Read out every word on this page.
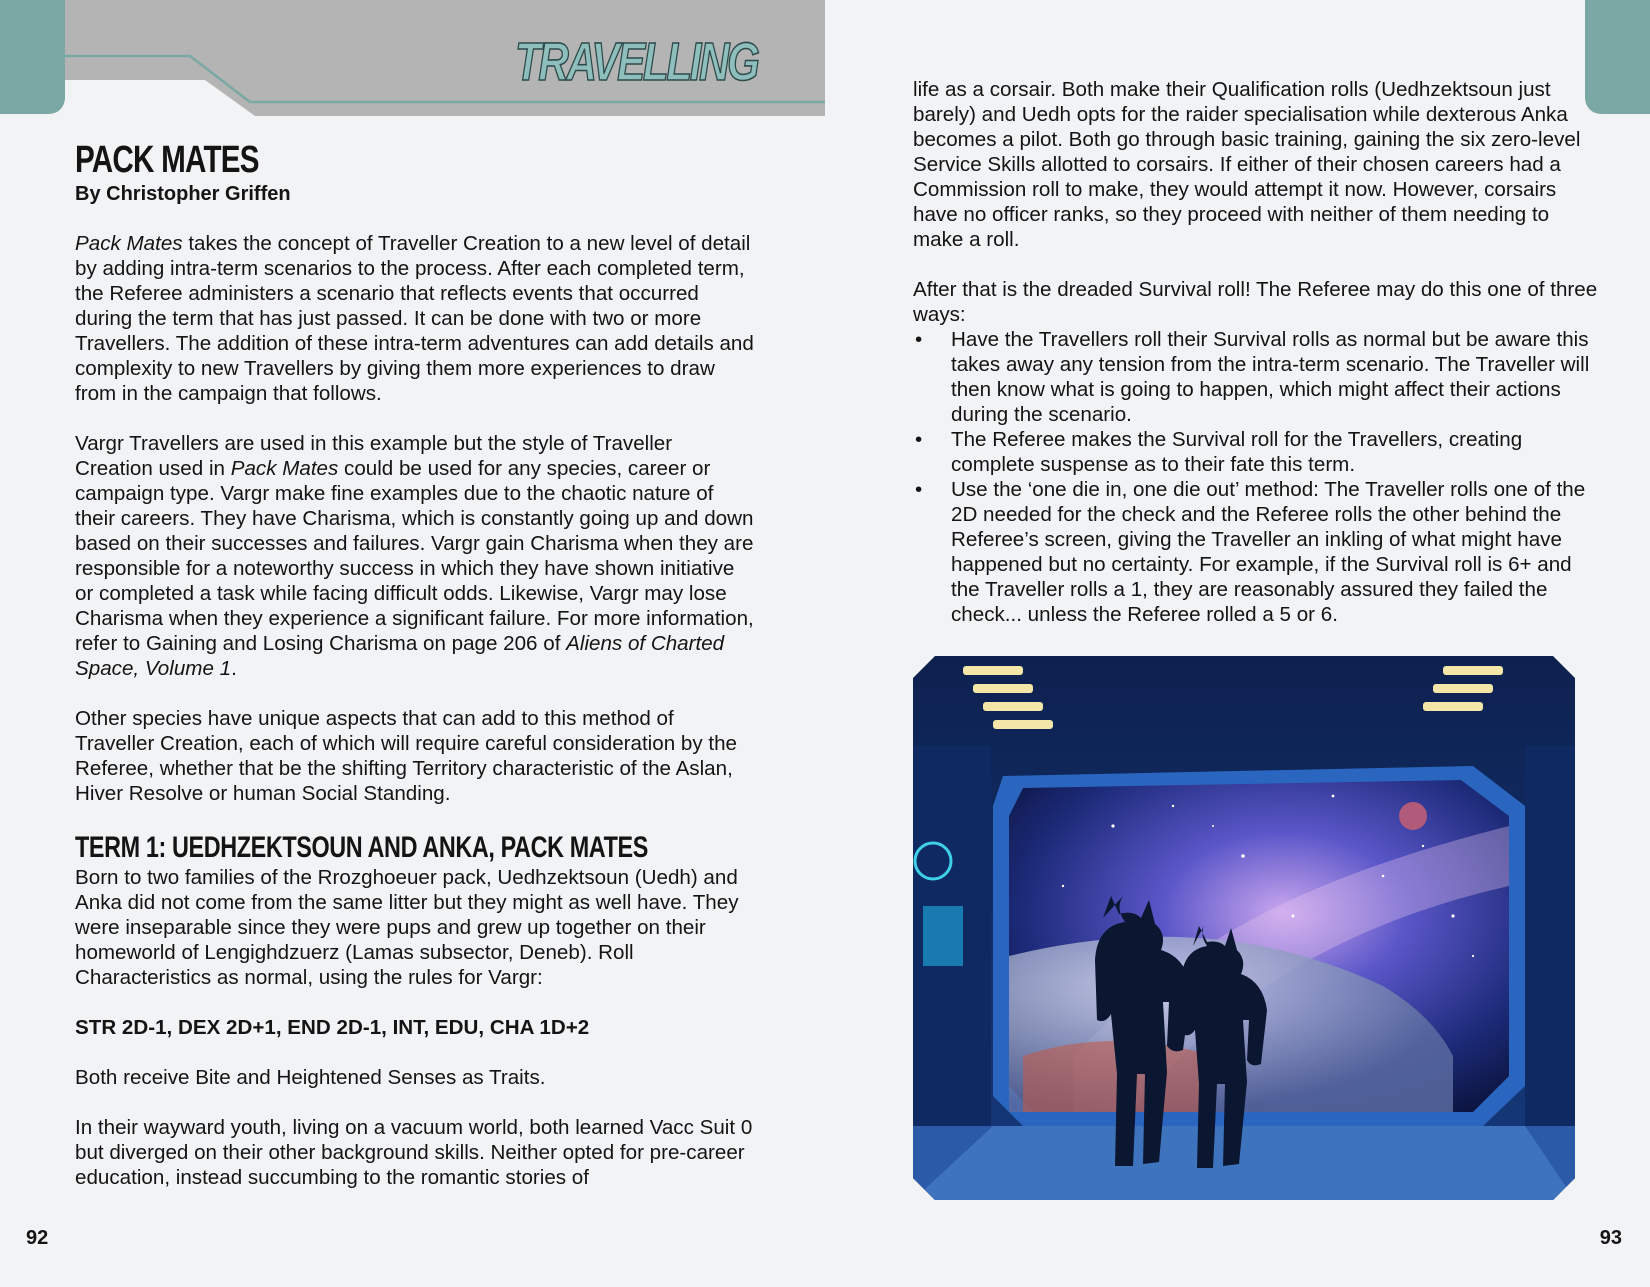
TRAVELLING
PACK MATES
By Christopher Griffen

Pack Mates takes the concept of Traveller Creation to a new level of detail by adding intra-term scenarios to the process. After each completed term, the Referee administers a scenario that reflects events that occurred during the term that has just passed. It can be done with two or more Travellers. The addition of these intra-term adventures can add details and complexity to new Travellers by giving them more experiences to draw from in the campaign that follows.

Vargr Travellers are used in this example but the style of Traveller Creation used in Pack Mates could be used for any species, career or campaign type. Vargr make fine examples due to the chaotic nature of their careers. They have Charisma, which is constantly going up and down based on their successes and failures. Vargr gain Charisma when they are responsible for a noteworthy success in which they have shown initiative or completed a task while facing difficult odds. Likewise, Vargr may lose Charisma when they experience a significant failure. For more information, refer to Gaining and Losing Charisma on page 206 of Aliens of Charted Space, Volume 1.

Other species have unique aspects that can add to this method of Traveller Creation, each of which will require careful consideration by the Referee, whether that be the shifting Territory characteristic of the Aslan, Hiver Resolve or human Social Standing.

TERM 1: UEDHZEKTSOUN AND ANKA, PACK MATES

Born to two families of the Rrozghoeuer pack, Uedhzektsoun (Uedh) and Anka did not come from the same litter but they might as well have. They were inseparable since they were pups and grew up together on their homeworld of Lengighdzuerz (Lamas subsector, Deneb). Roll Characteristics as normal, using the rules for Vargr:

STR 2D-1, DEX 2D+1, END 2D-1, INT, EDU, CHA 1D+2

Both receive Bite and Heightened Senses as Traits.

In their wayward youth, living on a vacuum world, both learned Vacc Suit 0 but diverged on their other background skills. Neither opted for pre-career education, instead succumbing to the romantic stories of

92

life as a corsair. Both make their Qualification rolls (Uedhzektsoun just barely) and Uedh opts for the raider specialisation while dexterous Anka becomes a pilot. Both go through basic training, gaining the six zero-level Service Skills allotted to corsairs. If either of their chosen careers had a Commission roll to make, they would attempt it now. However, corsairs have no officer ranks, so they proceed with neither of them needing to make a roll.

After that is the dreaded Survival roll! The Referee may do this one of three ways:

• Have the Travellers roll their Survival rolls as normal but be aware this takes away any tension from the intra-term scenario. The Traveller will then know what is going to happen, which might affect their actions during the scenario.
• The Referee makes the Survival roll for the Travellers, creating complete suspense as to their fate this term.
• Use the ‘one die in, one die out’ method: The Traveller rolls one of the 2D needed for the check and the Referee rolls the other behind the Referee’s screen, giving the Traveller an inkling of what might have happened but no certainty. For example, if the Survival roll is 6+ and the Traveller rolls a 1, they are reasonably assured they failed the check... unless the Referee rolled a 5 or 6.
93
